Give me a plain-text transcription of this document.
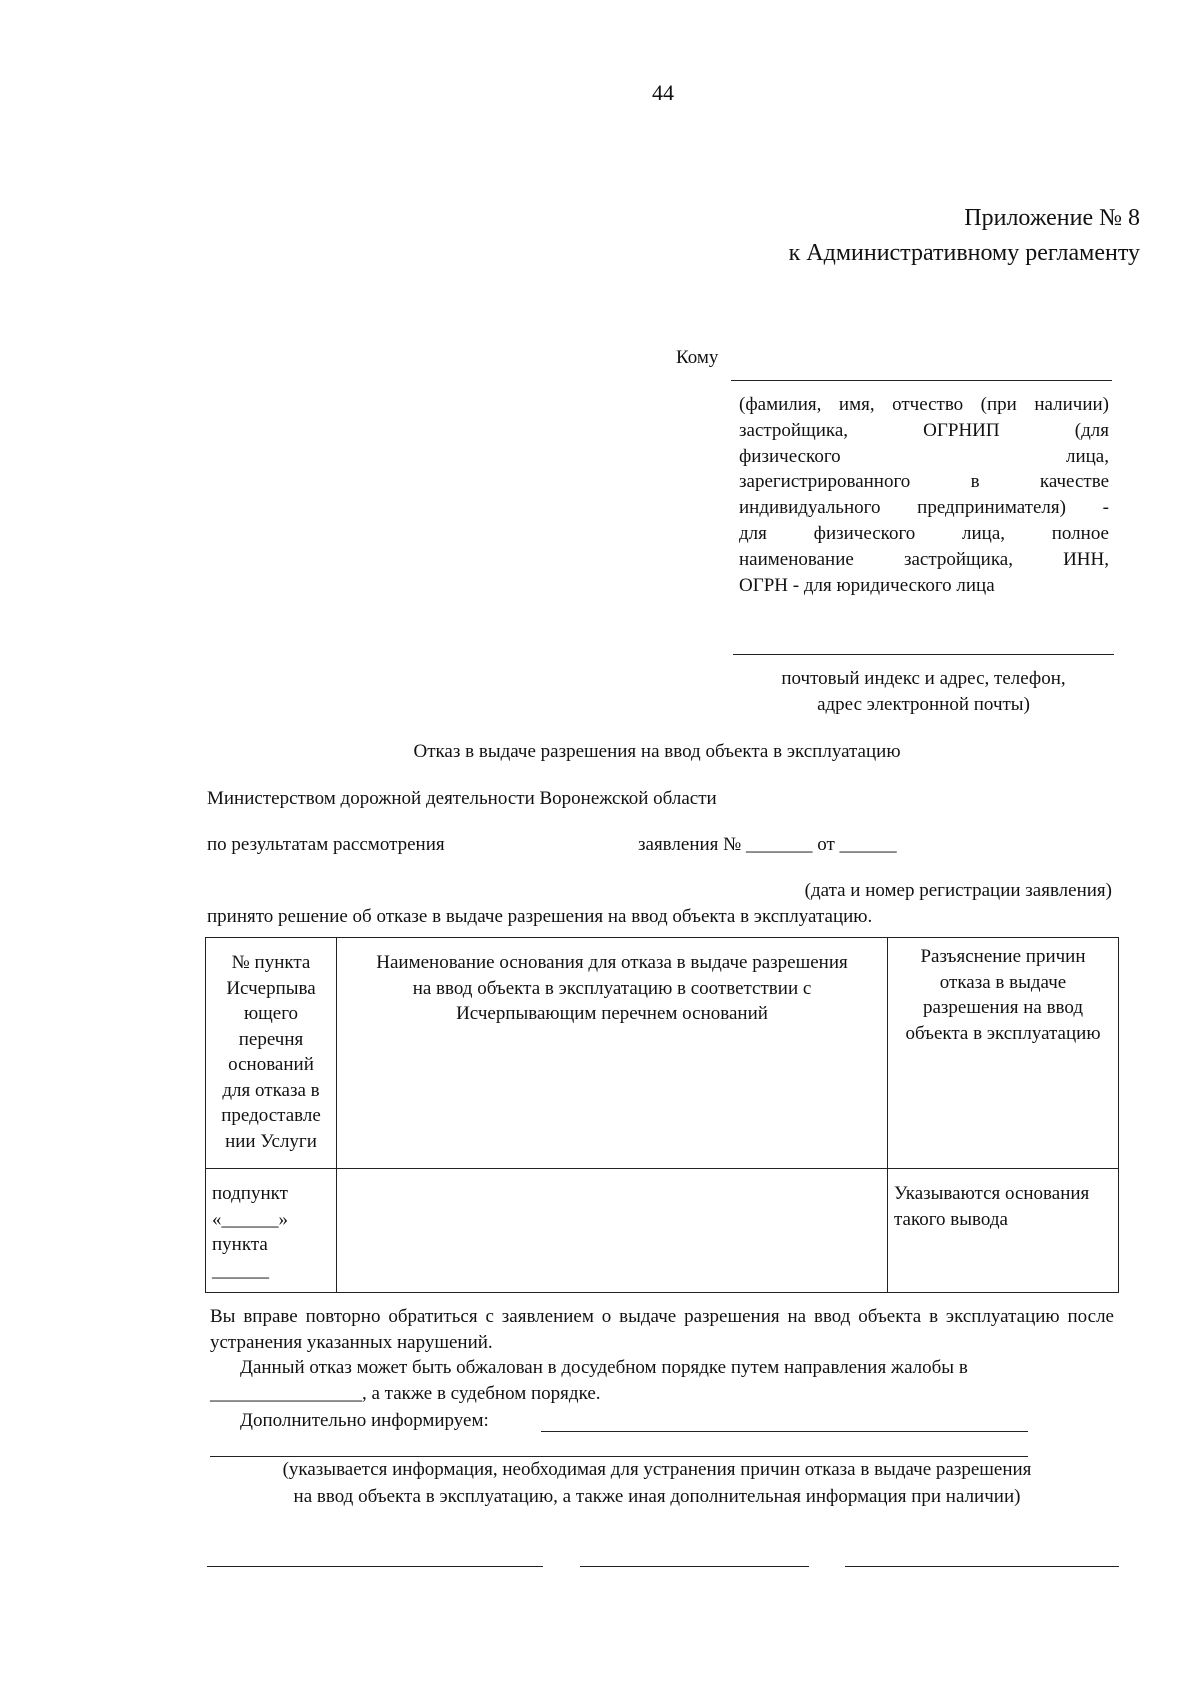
44
Приложение № 8
к Административному регламенту
Кому
(фамилия, имя, отчество (при наличии)
застройщика, ОГРНИП (для
физического лица,
зарегистрированного в качестве
индивидуального предпринимателя) -
для физического лица, полное
наименование застройщика, ИНН,
ОГРН - для юридического лица
почтовый индекс и адрес, телефон,
адрес электронной почты)
Отказ в выдаче разрешения на ввод объекта в эксплуатацию
Министерством дорожной деятельности Воронежской области
по результатам рассмотрения	заявления № _______ от ______
(дата и номер регистрации заявления)
принято решение об отказе в выдаче разрешения на ввод объекта в эксплуатацию.
№ пункта Исчерпыва ющего перечня оснований для отказа в предоставле нии Услуги	Наименование основания для отказа в выдаче разрешения на ввод объекта в эксплуатацию в соответствии с Исчерпывающим перечнем оснований	Разъяснение причин отказа в выдаче разрешения на ввод объекта в эксплуатацию
подпункт «______» пункта ______		Указываются основания такого вывода
Вы вправе повторно обратиться с заявлением о выдаче разрешения на ввод объекта в эксплуатацию после устранения указанных нарушений.
Данный отказ может быть обжалован в досудебном порядке путем направления жалобы в
________________, а также в судебном порядке.
Дополнительно информируем:
(указывается информация, необходимая для устранения причин отказа в выдаче разрешения
на ввод объекта в эксплуатацию, а также иная дополнительная информация при наличии)
